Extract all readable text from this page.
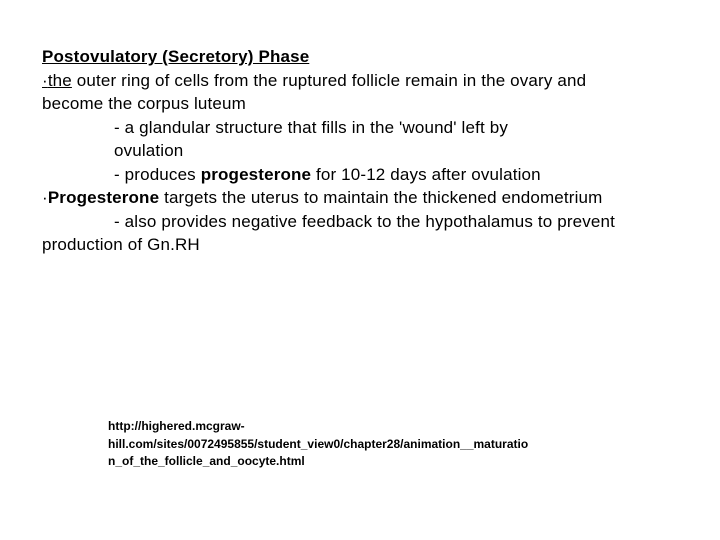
Postovulatory (Secretory) Phase
·the outer ring of cells from the ruptured follicle remain in the ovary and
become the corpus luteum
- a glandular structure that fills in the 'wound' left by
ovulation
- produces progesterone for 10-12 days after ovulation
·Progesterone targets the uterus to maintain the thickened endometrium
- also provides negative feedback to the hypothalamus to prevent
production of Gn.RH
http://highered.mcgraw-
hill.com/sites/0072495855/student_view0/chapter28/animation__maturatio
n_of_the_follicle_and_oocyte.html
